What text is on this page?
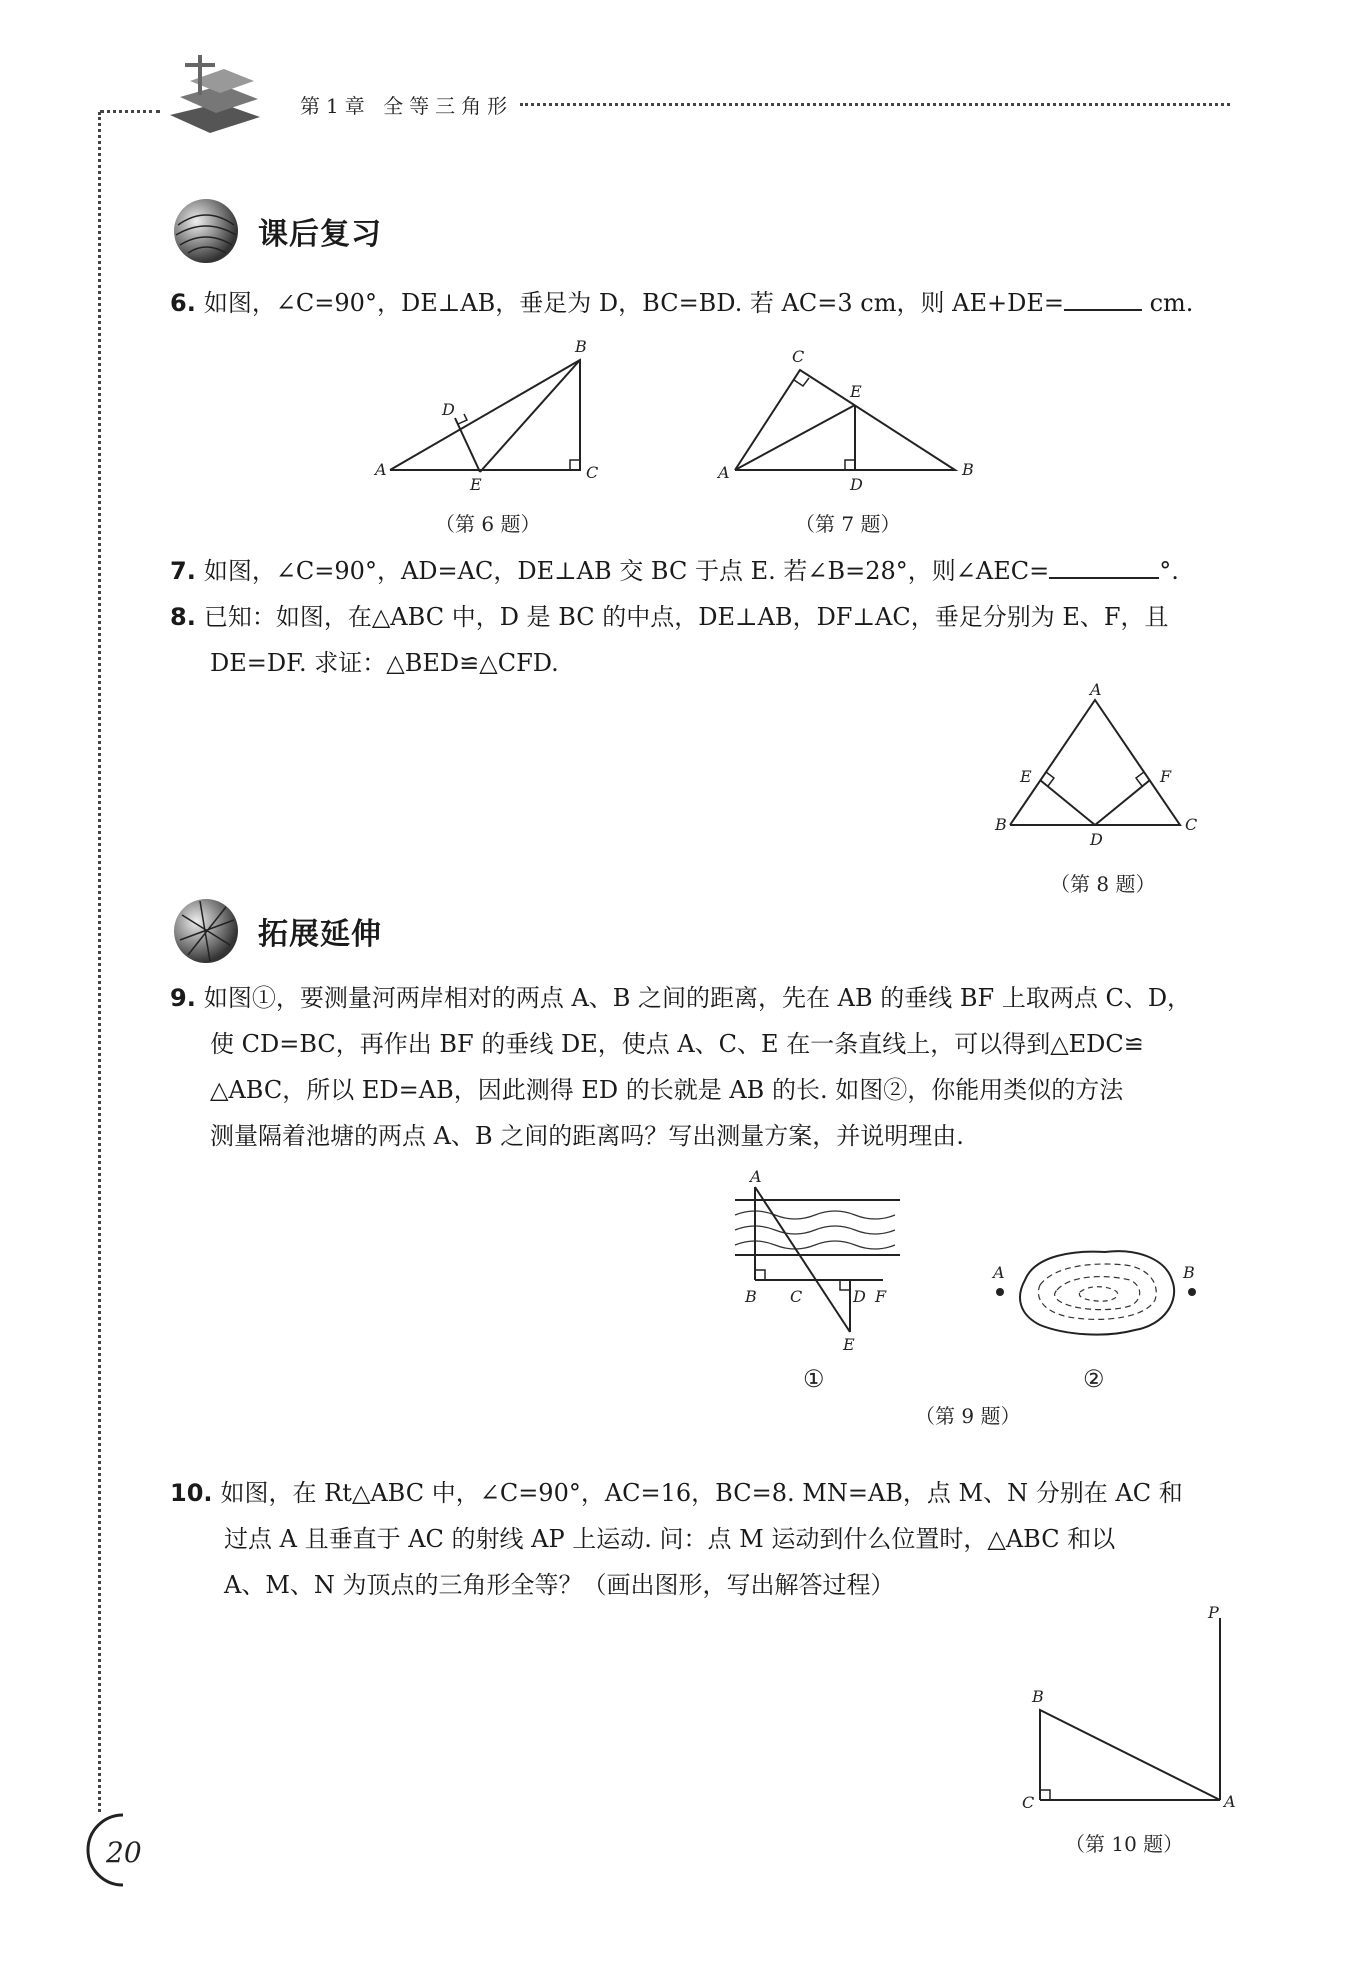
第1章 全等三角形
课后复习
6. 如图，∠C=90°，DE⊥AB，垂足为 D，BC=BD. 若 AC=3 cm，则 AE+DE=	cm.
A
B
C
E
D
（第 6 题）
A
C
E
D
B
（第 7 题）
7. 如图，∠C=90°，AD=AC，DE⊥AB 交 BC 于点 E. 若∠B=28°，则∠AEC=	°.
8. 已知：如图，在△ABC 中，D 是 BC 的中点，DE⊥AB，DF⊥AC，垂足分别为 E、F，且
DE=DF. 求证：△BED≌△CFD.
A
E	F
B
D
C
（第 8 题）
拓展延伸
9. 如图①，要测量河两岸相对的两点 A、B 之间的距离，先在 AB 的垂线 BF 上取两点 C、D，
使 CD=BC，再作出 BF 的垂线 DE，使点 A、C、E 在一条直线上，可以得到△EDC≌
△ABC，所以 ED=AB，因此测得 ED 的长就是 AB 的长. 如图②，你能用类似的方法
测量隔着池塘的两点 A、B 之间的距离吗？写出测量方案，并说明理由.
A
B C	D F
E
①
A	B
②
（第 9 题）
10. 如图，在 Rt△ABC 中，∠C=90°，AC=16，BC=8. MN=AB，点 M、N 分别在 AC 和
过点 A 且垂直于 AC 的射线 AP 上运动. 问：点 M 运动到什么位置时，△ABC 和以
A、M、N 为顶点的三角形全等？（画出图形，写出解答过程）
P
B
C	A
（第 10 题）
20
